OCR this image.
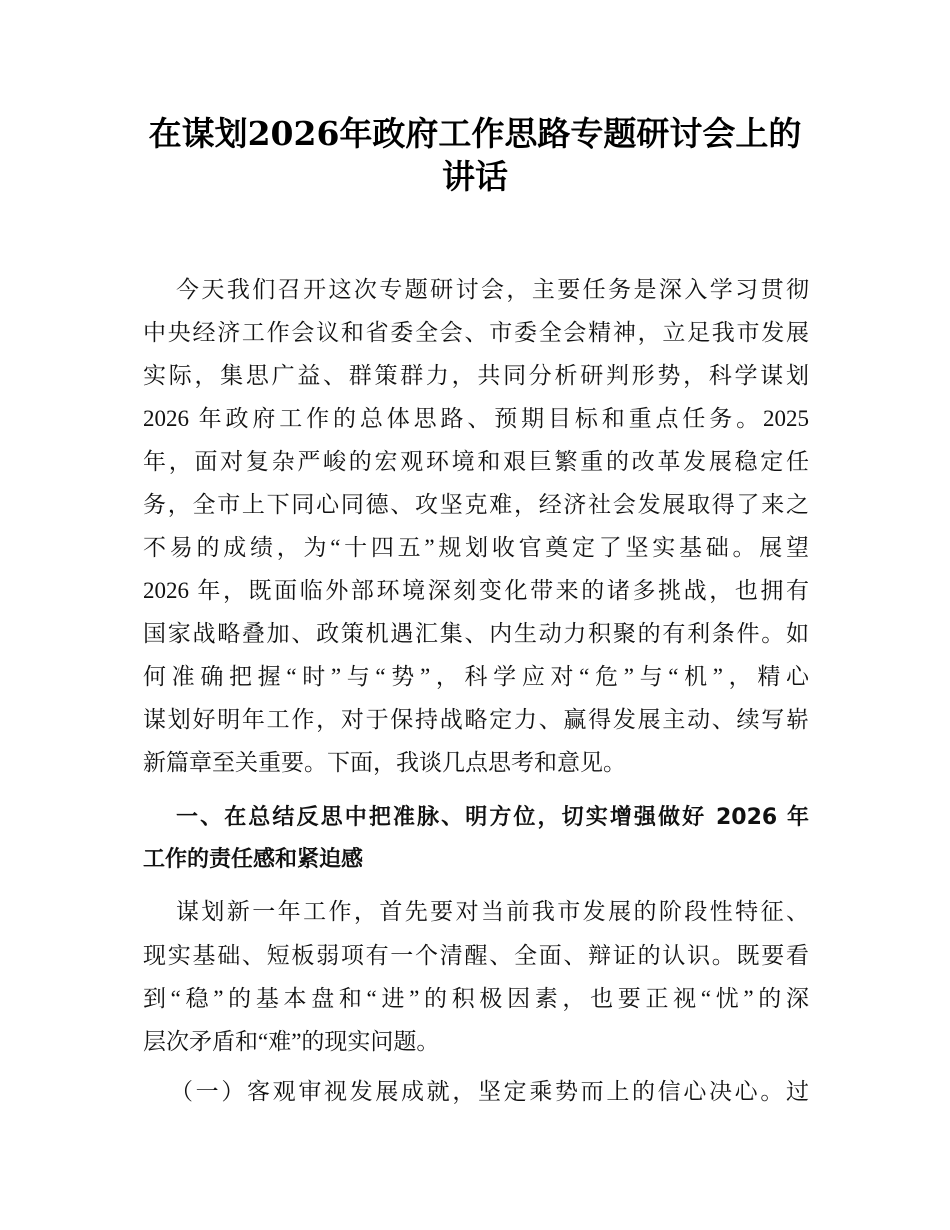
在谋划2026年政府工作思路专题研讨会上的
讲话
今天我们召开这次专题研讨会，主要任务是深入学习贯彻
中央经济工作会议和省委全会、市委全会精神，立足我市发展
实际，集思广益、群策群力，共同分析研判形势，科学谋划
2026 年政府工作的总体思路、预期目标和重点任务。2025
年，面对复杂严峻的宏观环境和艰巨繁重的改革发展稳定任
务，全市上下同心同德、攻坚克难，经济社会发展取得了来之
不易的成绩，为“十四五”规划收官奠定了坚实基础。展望
2026 年，既面临外部环境深刻变化带来的诸多挑战，也拥有
国家战略叠加、政策机遇汇集、内生动力积聚的有利条件。如
何准确把握“时”与“势”，科学应对“危”与“机”，精心
谋划好明年工作，对于保持战略定力、赢得发展主动、续写崭
新篇章至关重要。下面，我谈几点思考和意见。
一、在总结反思中把准脉、明方位，切实增强做好 2026 年
工作的责任感和紧迫感
谋划新一年工作，首先要对当前我市发展的阶段性特征、
现实基础、短板弱项有一个清醒、全面、辩证的认识。既要看
到“稳”的基本盘和“进”的积极因素，也要正视“忧”的深
层次矛盾和“难”的现实问题。
（一）客观审视发展成就，坚定乘势而上的信心决心。过
